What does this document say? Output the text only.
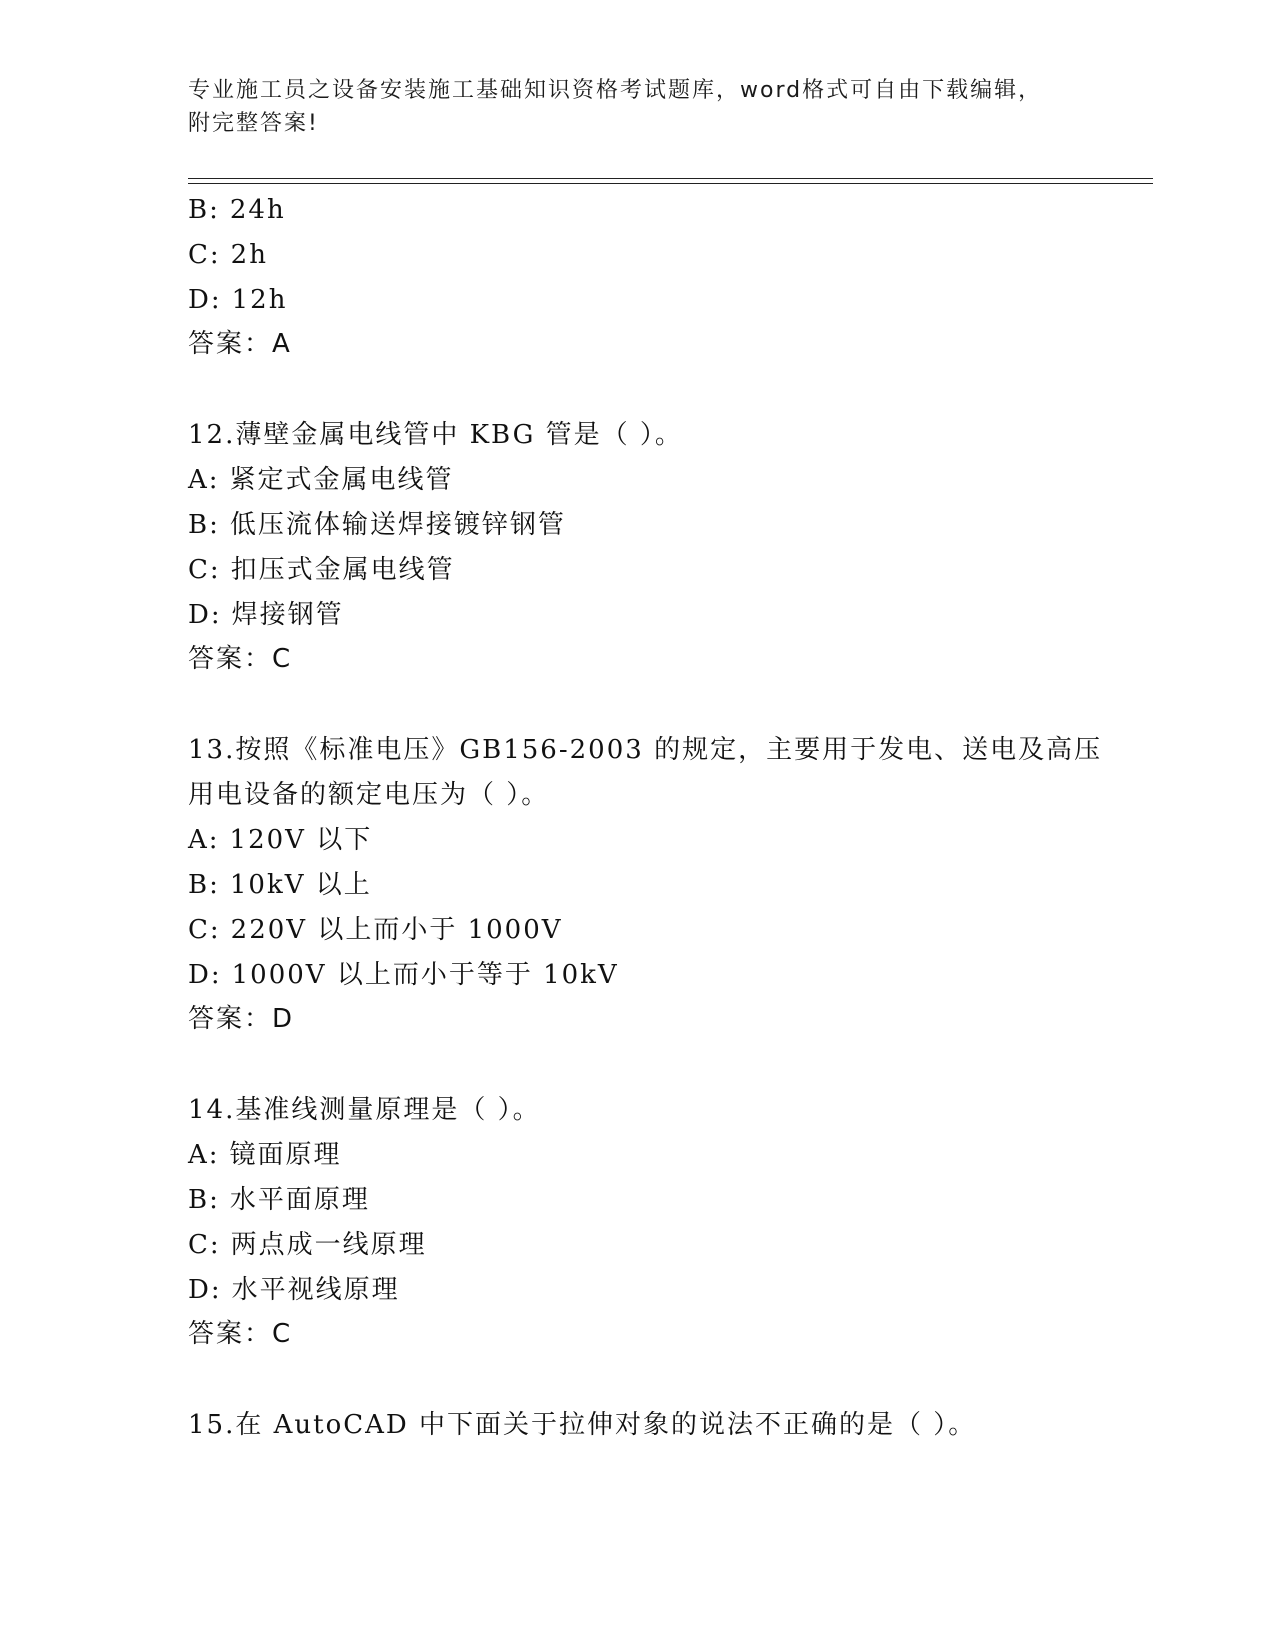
专业施工员之设备安装施工基础知识资格考试题库，word格式可自由下载编辑，
附完整答案!
B: 24h
C: 2h
D: 12h
答案：A
12.薄壁金属电线管中 KBG 管是（ ）。
A: 紧定式金属电线管
B: 低压流体输送焊接镀锌钢管
C: 扣压式金属电线管
D: 焊接钢管
答案：C
13.按照《标准电压》GB156-2003 的规定，主要用于发电、送电及高压
用电设备的额定电压为（ ）。
A: 120V 以下
B: 10kV 以上
C: 220V 以上而小于 1000V
D: 1000V 以上而小于等于 10kV
答案：D
14.基准线测量原理是（ ）。
A: 镜面原理
B: 水平面原理
C: 两点成一线原理
D: 水平视线原理
答案：C
15.在 AutoCAD 中下面关于拉伸对象的说法不正确的是（ ）。
